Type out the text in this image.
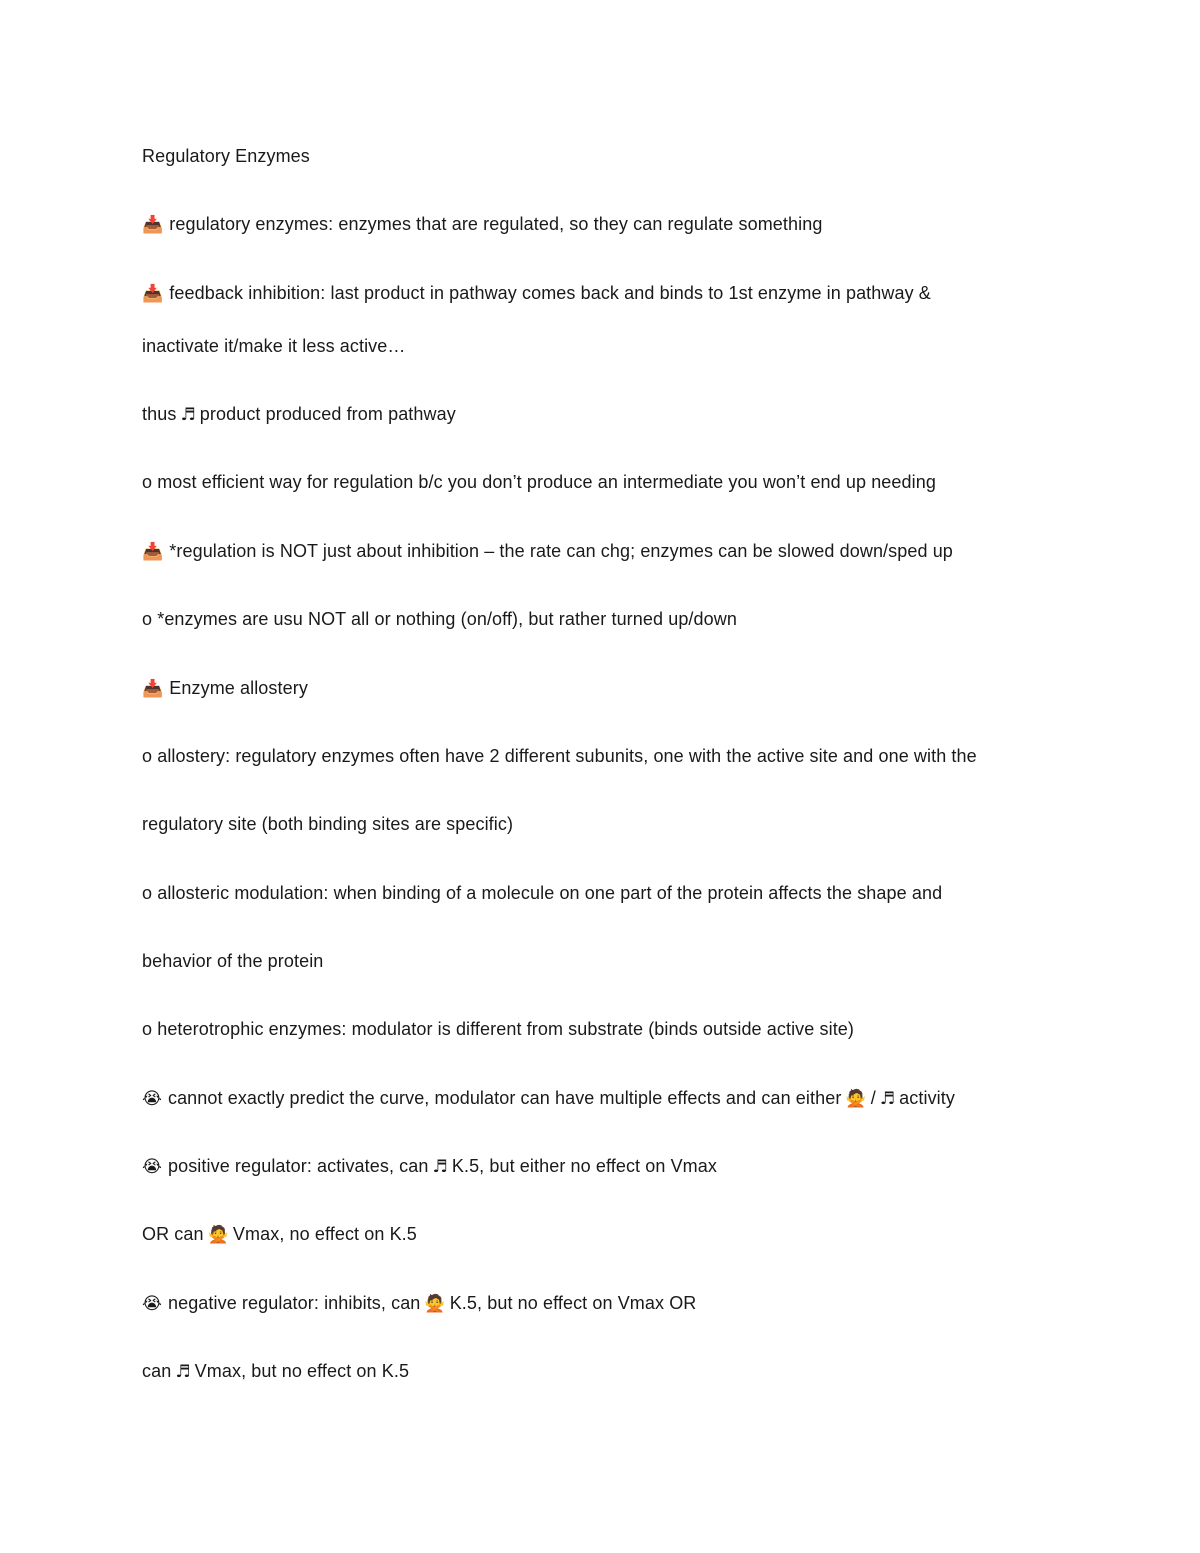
Regulatory Enzymes
📥 regulatory enzymes: enzymes that are regulated, so they can regulate something
📥 feedback inhibition: last product in pathway comes back and binds to 1st enzyme in pathway &
inactivate it/make it less active…
thus ♬ product produced from pathway
o most efficient way for regulation b/c you don’t produce an intermediate you won’t end up needing
📥 *regulation is NOT just about inhibition – the rate can chg; enzymes can be slowed down/sped up
o *enzymes are usu NOT all or nothing (on/off), but rather turned up/down
📥 Enzyme allostery
o allostery: regulatory enzymes often have 2 different subunits, one with the active site and one with the
regulatory site (both binding sites are specific)
o allosteric modulation: when binding of a molecule on one part of the protein affects the shape and
behavior of the protein
o heterotrophic enzymes: modulator is different from substrate (binds outside active site)
😭 cannot exactly predict the curve, modulator can have multiple effects and can either 🙅 / ♬ activity
😭 positive regulator: activates, can ♬ K.5, but either no effect on Vmax
OR can 🙅 Vmax, no effect on K.5
😭 negative regulator: inhibits, can 🙅 K.5, but no effect on Vmax OR
can ♬ Vmax, but no effect on K.5
